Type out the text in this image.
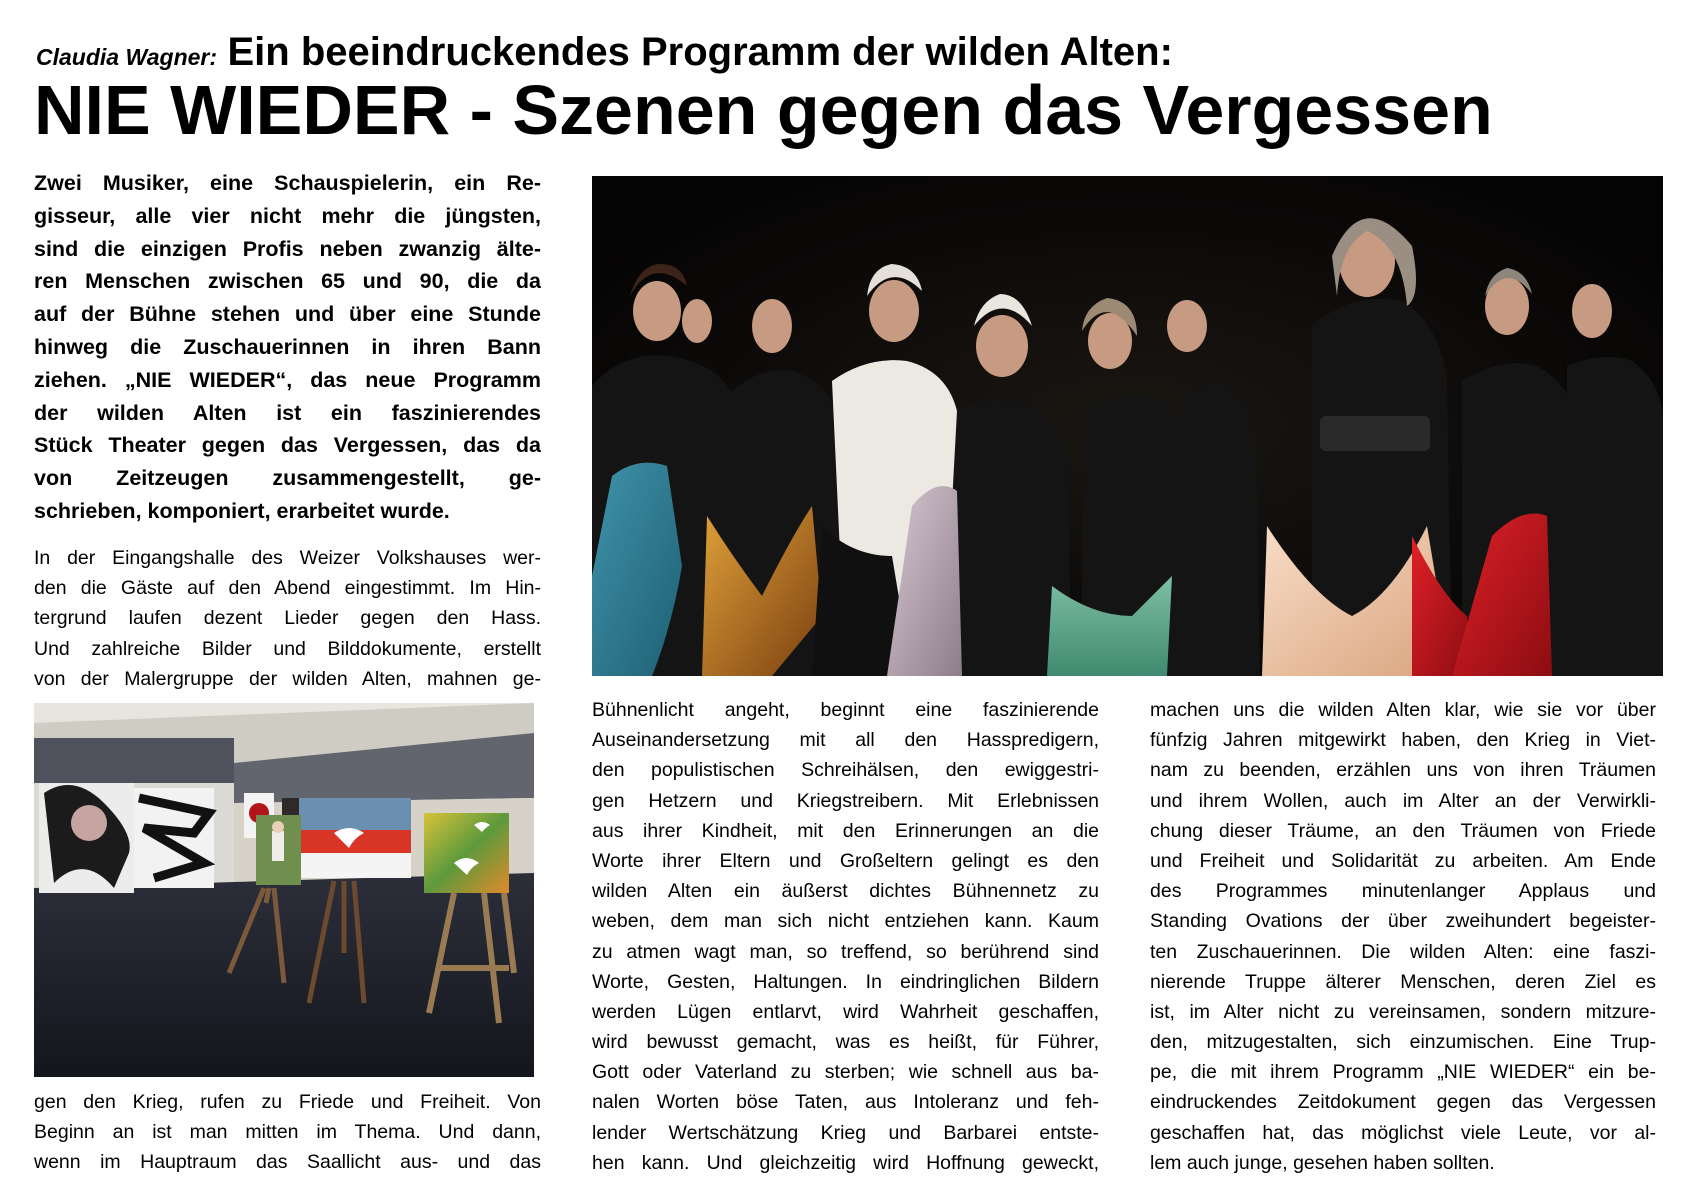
Claudia Wagner: Ein beeindruckendes Programm der wilden Alten:
NIE WIEDER - Szenen gegen das Vergessen
Zwei Musiker, eine Schauspielerin, ein Re-
gisseur, alle vier nicht mehr die jüngsten,
sind die einzigen Profis neben zwanzig älte-
ren Menschen zwischen 65 und 90, die da
auf der Bühne stehen und über eine Stunde
hinweg die Zuschauerinnen in ihren Bann
ziehen. „NIE WIEDER“, das neue Programm
der wilden Alten ist ein faszinierendes
Stück Theater gegen das Vergessen, das da
von Zeitzeugen zusammengestellt, ge-
schrieben, komponiert, erarbeitet wurde.
In der Eingangshalle des Weizer Volkshauses wer-
den die Gäste auf den Abend eingestimmt. Im Hin-
tergrund laufen dezent Lieder gegen den Hass.
Und zahlreiche Bilder und Bilddokumente, erstellt
von der Malergruppe der wilden Alten, mahnen ge-
gen den Krieg, rufen zu Friede und Freiheit. Von
Beginn an ist man mitten im Thema. Und dann,
wenn im Hauptraum das Saallicht aus- und das
Bühnenlicht angeht, beginnt eine faszinierende
Auseinandersetzung mit all den Hasspredigern,
den populistischen Schreihälsen, den ewiggestri-
gen Hetzern und Kriegstreibern. Mit Erlebnissen
aus ihrer Kindheit, mit den Erinnerungen an die
Worte ihrer Eltern und Großeltern gelingt es den
wilden Alten ein äußerst dichtes Bühnennetz zu
weben, dem man sich nicht entziehen kann. Kaum
zu atmen wagt man, so treffend, so berührend sind
Worte, Gesten, Haltungen. In eindringlichen Bildern
werden Lügen entlarvt, wird Wahrheit geschaffen,
wird bewusst gemacht, was es heißt, für Führer,
Gott oder Vaterland zu sterben; wie schnell aus ba-
nalen Worten böse Taten, aus Intoleranz und feh-
lender Wertschätzung Krieg und Barbarei entste-
hen kann. Und gleichzeitig wird Hoffnung geweckt,
machen uns die wilden Alten klar, wie sie vor über
fünfzig Jahren mitgewirkt haben, den Krieg in Viet-
nam zu beenden, erzählen uns von ihren Träumen
und ihrem Wollen, auch im Alter an der Verwirkli-
chung dieser Träume, an den Träumen von Friede
und Freiheit und Solidarität zu arbeiten. Am Ende
des Programmes minutenlanger Applaus und
Standing Ovations der über zweihundert begeister-
ten Zuschauerinnen. Die wilden Alten: eine faszi-
nierende Truppe älterer Menschen, deren Ziel es
ist, im Alter nicht zu vereinsamen, sondern mitzure-
den, mitzugestalten, sich einzumischen. Eine Trup-
pe, die mit ihrem Programm „NIE WIEDER“ ein be-
eindruckendes Zeitdokument gegen das Vergessen
geschaffen hat, das möglichst viele Leute, vor al-
lem auch junge, gesehen haben sollten.
